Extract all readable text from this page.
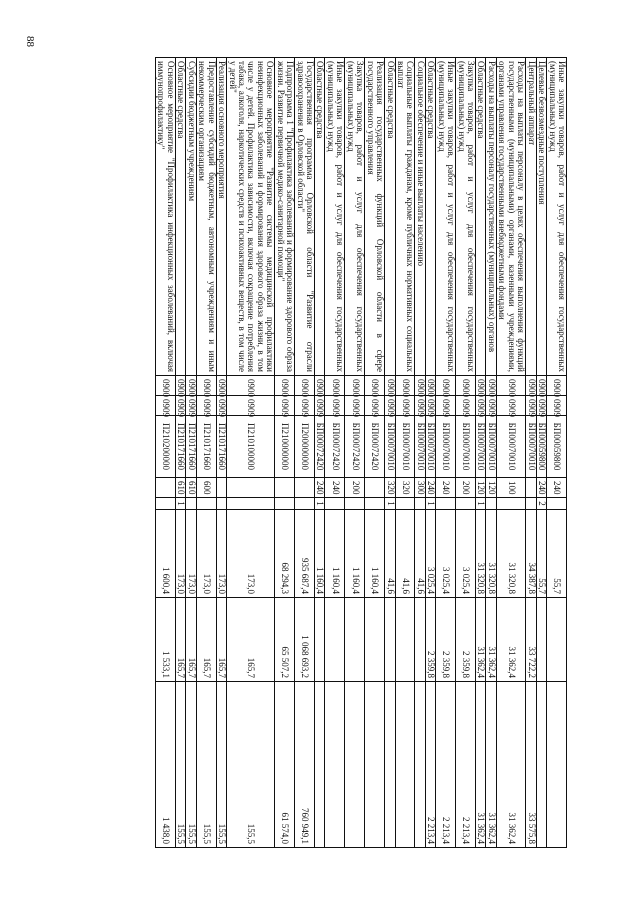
88
Иные закупки товаров, работ и услуг для обеспечения государственных (муниципальных) нужд	0900	0909	БП00059800	240		55,7		
Целевые безвозмездные поступления	0900	0909	БП00059800	240	2	55,7		
Центральный аппарат	0900	0909	БП00070010			34 387,8	33 722,2	33 575,8
Расходы на выплаты персоналу в целях обеспечения выполнения функций государственными (муниципальными) органами, казенными учреждениями, органами управления государственными внебюджетными фондами	0900	0909	БП00070010	100		31 320,8	31 362,4	31 362,4
Расходы на выплаты персоналу государственных (муниципальных) органов	0900	0909	БП00070010	120		31 320,8	31 362,4	31 362,4
Областные средства	0900	0909	БП00070010	120	1	31 320,8	31 362,4	31 362,4
Закупка товаров, работ и услуг для обеспечения государственных (муниципальных) нужд	0900	0909	БП00070010	200		3 025,4	2 359,8	2 213,4
Иные закупки товаров, работ и услуг для обеспечения государственных (муниципальных) нужд	0900	0909	БП00070010	240		3 025,4	2 359,8	2 213,4
Областные средства	0900	0909	БП00070010	240	1	3 025,4	2 359,8	2 213,4
Социальное обеспечение и иные выплаты населению	0900	0909	БП00070010	300		41,6		
Социальные выплаты гражданам, кроме публичных нормативных социальных выплат	0900	0909	БП00070010	320		41,6		
Областные средства	0900	0909	БП00070010	320	1	41,6		
Реализация государственных функций Орловской области в сфере государственного управления	0900	0909	БП00072420			1 160,4		
Закупка товаров, работ и услуг для обеспечения государственных (муниципальных) нужд	0900	0909	БП00072420	200		1 160,4		
Иные закупки товаров, работ и услуг для обеспечения государственных (муниципальных) нужд	0900	0909	БП00072420	240		1 160,4		
Областные средства	0900	0909	БП00072420	240	1	1 160,4		
Государственная программа Орловской области "Развитие отрасли здравоохранения в Орловской области"	0900	0909	П200000000			935 687,4	1 068 693,2	760 949,1
Подпрограмма 1 "Профилактика заболеваний и формирование здорового образа жизни. Развитие первичной медико-санитарной помощи"	0900	0909	П210000000			68 294,3	65 507,2	61 574,0
Основное мероприятие "Развитие системы медицинской профилактики неинфекционных заболеваний и формирования здорового образа жизни, в том числе у детей. Профилактика зависимости, включая сокращение потребления табака, алкоголя, наркотических средств и психоактивных веществ, в том числе у детей"	0900	0909	П210100000			173,0	165,7	155,5
Реализация основного мероприятия	0900	0909	П210171660			173,0	165,7	155,5
Предоставление субсидий бюджетным, автономным учреждениям и иным некоммерческим организациям	0900	0909	П210171660	600		173,0	165,7	155,5
Субсидии бюджетным учреждениям	0900	0909	П210171660	610		173,0	165,7	155,5
Областные средства	0900	0909	П210171660	610	1	173,0	165,7	155,5
Основное мероприятие "Профилактика инфекционных заболеваний, включая иммунопрофилактику"	0900	0909	П210200000			1 600,4	1 533,1	1 438,0
